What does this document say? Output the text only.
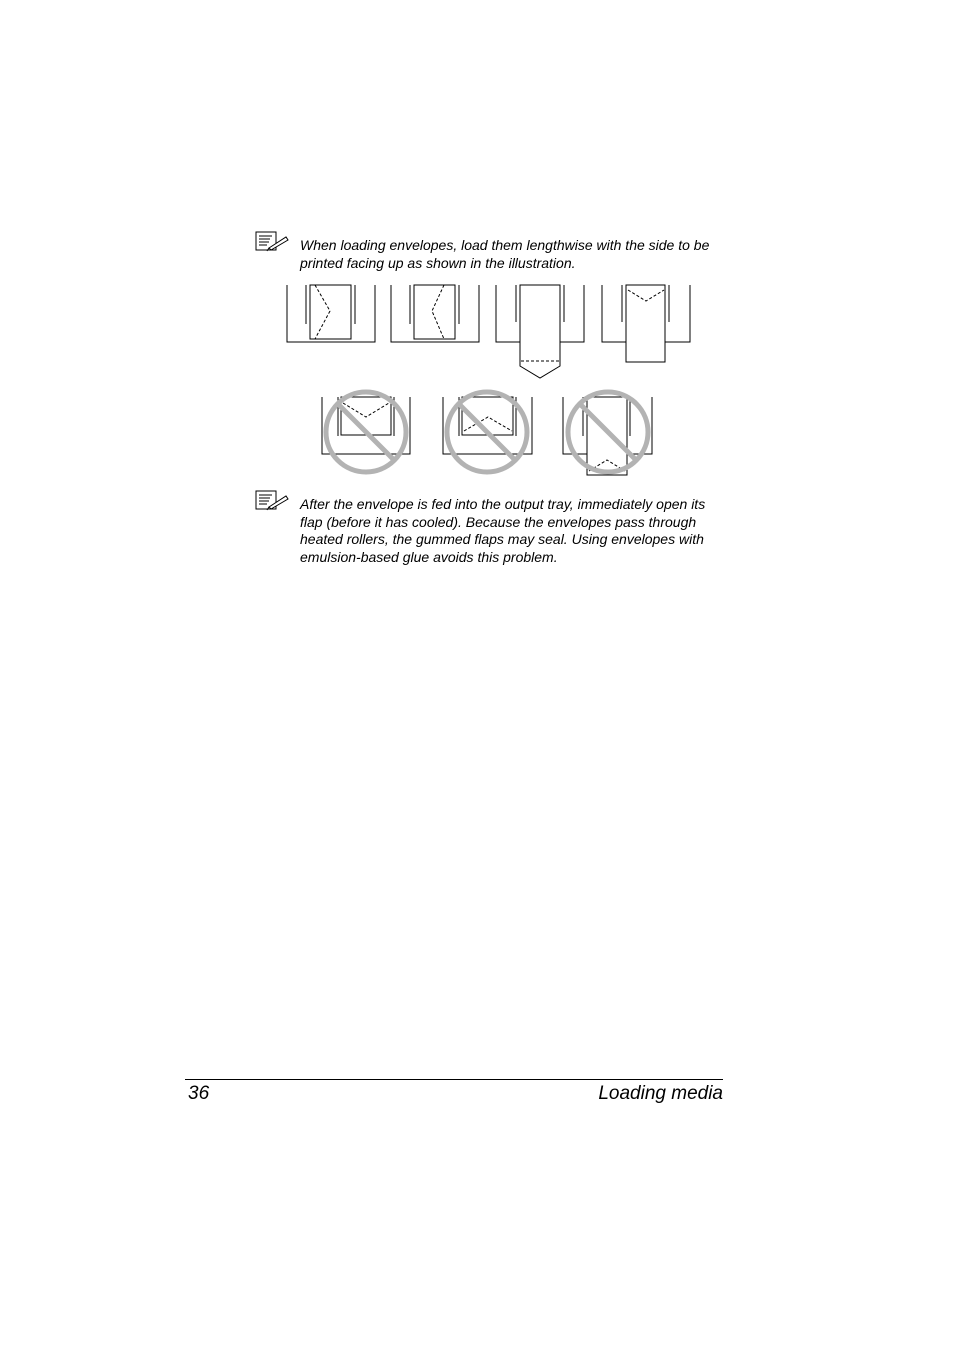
When loading envelopes, load them lengthwise with the side to be printed facing up as shown in the illustration.
After the envelope is fed into the output tray, immediately open its flap (before it has cooled). Because the envelopes pass through heated rollers, the gummed flaps may seal. Using envelopes with emulsion-based glue avoids this problem.
36	Loading media
